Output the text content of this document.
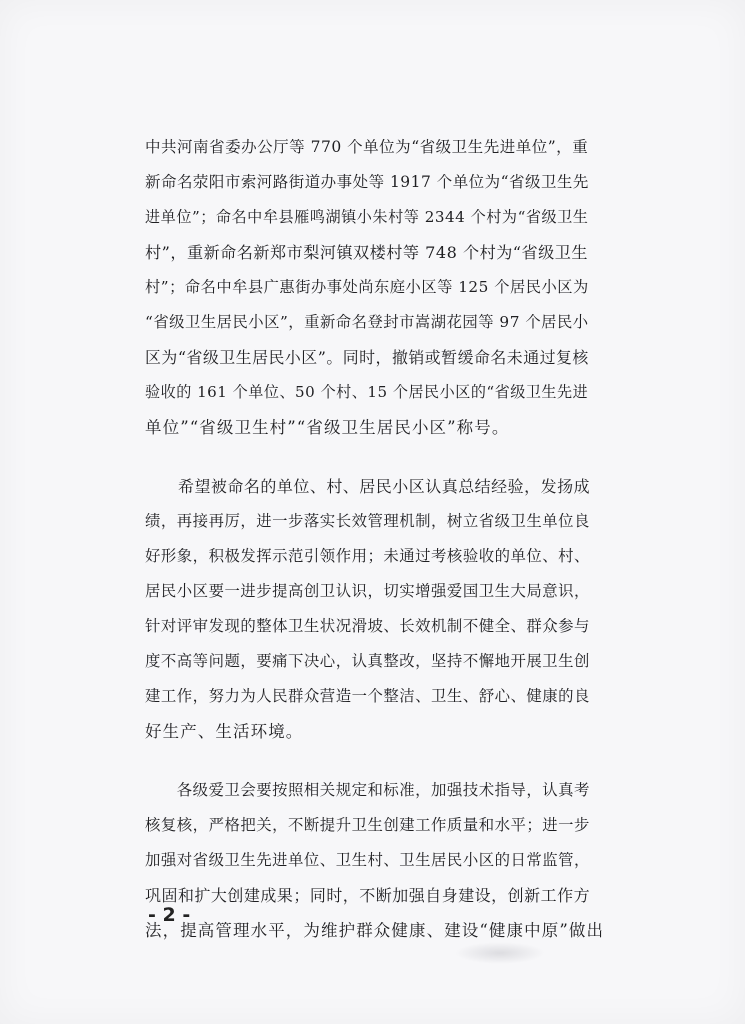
中共河南省委办公厅等 770 个单位为“省级卫生先进单位”，重
新命名荥阳市索河路街道办事处等 1917 个单位为“省级卫生先
进单位”；命名中牟县雁鸣湖镇小朱村等 2344 个村为“省级卫生
村”，重新命名新郑市梨河镇双楼村等 748 个村为“省级卫生
村”；命名中牟县广惠街办事处尚东庭小区等 125 个居民小区为
“省级卫生居民小区”，重新命名登封市嵩湖花园等 97 个居民小
区为“省级卫生居民小区”。同时，撤销或暂缓命名未通过复核
验收的 161 个单位、50 个村、15 个居民小区的“省级卫生先进
单位”“省级卫生村”“省级卫生居民小区”称号。
　　希望被命名的单位、村、居民小区认真总结经验，发扬成
绩，再接再厉，进一步落实长效管理机制，树立省级卫生单位良
好形象，积极发挥示范引领作用；未通过考核验收的单位、村、
居民小区要一进步提高创卫认识，切实增强爱国卫生大局意识，
针对评审发现的整体卫生状况滑坡、长效机制不健全、群众参与
度不高等问题，要痛下决心，认真整改，坚持不懈地开展卫生创
建工作，努力为人民群众营造一个整洁、卫生、舒心、健康的良
好生产、生活环境。
　　各级爱卫会要按照相关规定和标准，加强技术指导，认真考
核复核，严格把关，不断提升卫生创建工作质量和水平；进一步
加强对省级卫生先进单位、卫生村、卫生居民小区的日常监管，
巩固和扩大创建成果；同时，不断加强自身建设，创新工作方
法，提高管理水平，为维护群众健康、建设“健康中原”做出
- 2 -
